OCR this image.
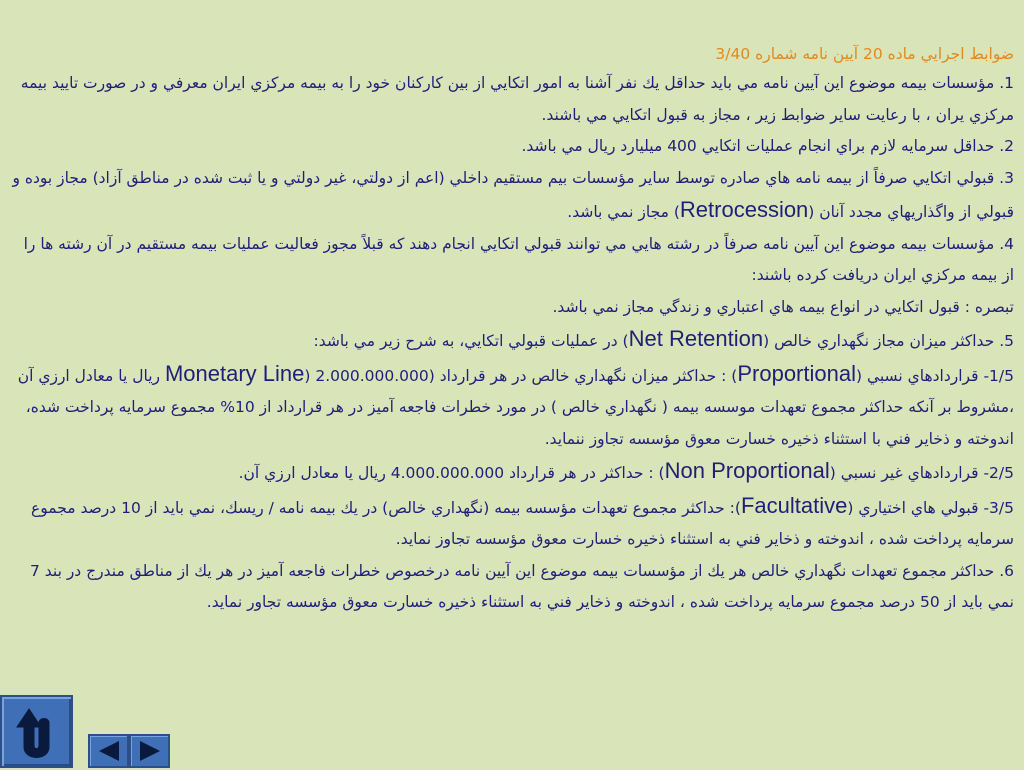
ضوابط اجرايي ماده 20 آيين نامه شماره 3/40

1. مؤسسات بيمه موضوع اين آيين نامه مي بايد حداقل يك نفر آشنا به امور اتكايي از بين كاركنان خود را به بيمه مركزي ايران معرفي و در صورت تاييد بيمه مركزي يران ، با رعايت ساير ضوابط زير ، مجاز به قبول اتكايي مي باشند.

2. حداقل سرمايه لازم براي انجام عمليات اتكايي 400 ميليارد ريال مي باشد.

3. قبولي اتكايي صرفاً از بيمه نامه هاي صادره توسط ساير مؤسسات بيم مستقيم داخلي (اعم از دولتي، غير دولتي و يا ثبت شده در مناطق آزاد) مجاز بوده و قبولي از واگذاريهاي مجدد آنان (Retrocession) مجاز نمي باشد.

4. مؤسسات بيمه موضوع اين آيين نامه صرفاً در رشته هايي مي توانند قبولي اتكايي انجام دهند كه قبلاً مجوز فعاليت عمليات بيمه مستقيم در آن رشته ها را از بيمه مركزي ايران دريافت كرده باشند:

تبصره : قبول اتكايي در انواع بيمه هاي اعتباري و زندگي مجاز نمي باشد.

5. حداكثر ميزان مجاز نگهداري خالص (Net Retention) در عمليات قبولي اتكايي، به شرح زير مي باشد:

1/5- قراردادهاي نسبي (Proportional) : حداكثر ميزان نگهداري خالص در هر قرارداد (Monetary Line) 2.000.000.000 ريال يا معادل ارزي آن ،مشروط بر آنكه حداكثر مجموع تعهدات موسسه بيمه ( نگهداري خالص ) در مورد خطرات فاجعه آميز در هر قرارداد از 10% مجموع سرمايه پرداخت شده، اندوخته و ذخاير فني با استثناء ذخيره خسارت معوق مؤسسه تجاوز ننمايد.

2/5- قراردادهاي غير نسبي (Non Proportional) : حداكثر در هر قرارداد 4.000.000.000 ريال يا معادل ارزي آن.

3/5- قبولي هاي اختياري (Facultative): حداكثر مجموع تعهدات مؤسسه بيمه (نگهداري خالص) در يك بيمه نامه / ريسك، نمي بايد از 10 درصد مجموع سرمايه پرداخت شده ، اندوخته و ذخاير فني به استثناء ذخيره خسارت معوق مؤسسه تجاوز نمايد.

6. حداكثر مجموع تعهدات نگهداري خالص هر يك از مؤسسات بيمه موضوع اين آيين نامه درخصوص خطرات فاجعه آميز در هر يك از مناطق مندرج در بند 7 نمي بايد از 50 درصد مجموع سرمايه پرداخت شده ، اندوخته و ذخاير فني به استثناء ذخيره خسارت معوق مؤسسه تجاور نمايد.
